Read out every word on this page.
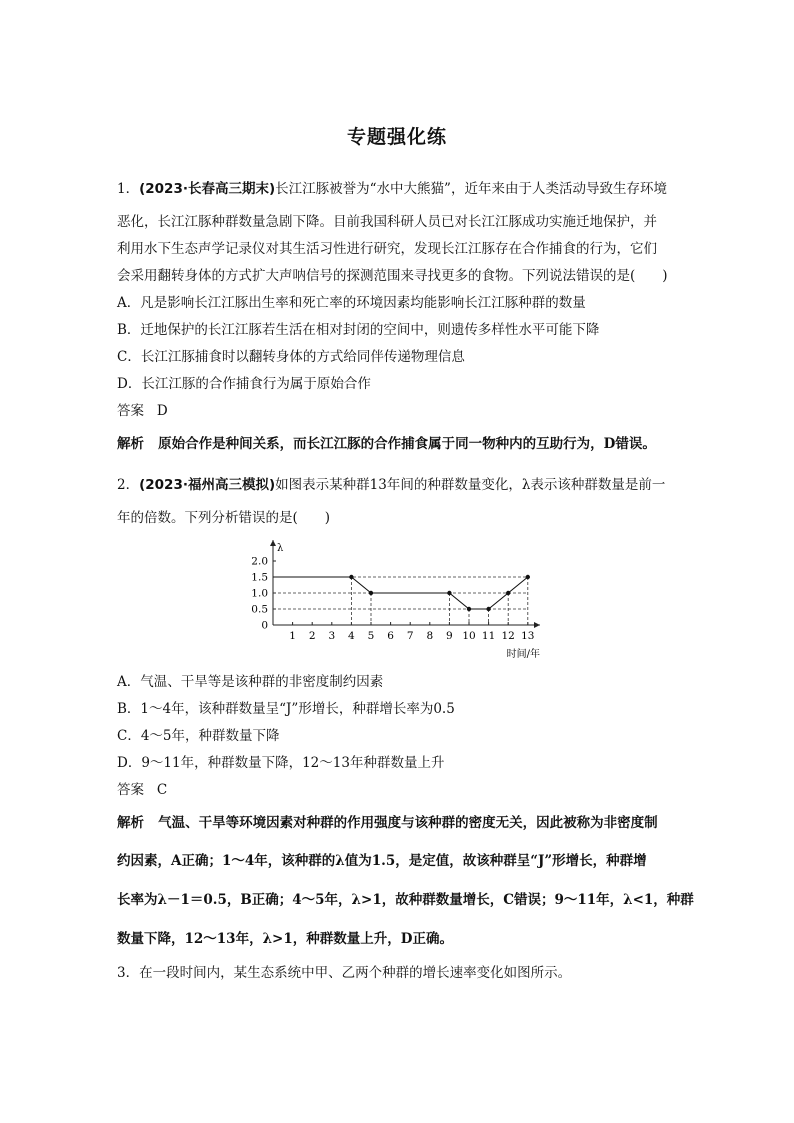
专题强化练
1．(2023·长春高三期末)长江江豚被誉为“水中大熊猫”，近年来由于人类活动导致生存环境
恶化，长江江豚种群数量急剧下降。目前我国科研人员已对长江江豚成功实施迁地保护，并
利用水下生态声学记录仪对其生活习性进行研究，发现长江江豚存在合作捕食的行为，它们
会采用翻转身体的方式扩大声呐信号的探测范围来寻找更多的食物。下列说法错误的是(　　)
A．凡是影响长江江豚出生率和死亡率的环境因素均能影响长江江豚种群的数量
B．迁地保护的长江江豚若生活在相对封闭的空间中，则遗传多样性水平可能下降
C．长江江豚捕食时以翻转身体的方式给同伴传递物理信息
D．长江江豚的合作捕食行为属于原始合作
答案 D
解析 原始合作是种间关系，而长江江豚的合作捕食属于同一物种内的互助行为，D错误。
2．(2023·福州高三模拟)如图表示某种群13年间的种群数量变化，λ表示该种群数量是前一
年的倍数。下列分析错误的是(　　)
λ
0
0.5
1.0
1.5
2.0
1 2 3 4 5 6 7 8 9 10 11 12 13
时间/年
A．气温、干旱等是该种群的非密度制约因素
B．1～4年，该种群数量呈“J”形增长，种群增长率为0.5
C．4～5年，种群数量下降
D．9～11年，种群数量下降，12～13年种群数量上升
答案 C
解析 气温、干旱等环境因素对种群的作用强度与该种群的密度无关，因此被称为非密度制
约因素，A正确；1～4年，该种群的λ值为1.5，是定值，故该种群呈“J”形增长，种群增
长率为λ－1＝0.5，B正确；4～5年，λ>1，故种群数量增长，C错误；9～11年，λ<1，种群
数量下降，12～13年，λ>1，种群数量上升，D正确。
3．在一段时间内，某生态系统中甲、乙两个种群的增长速率变化如图所示。
